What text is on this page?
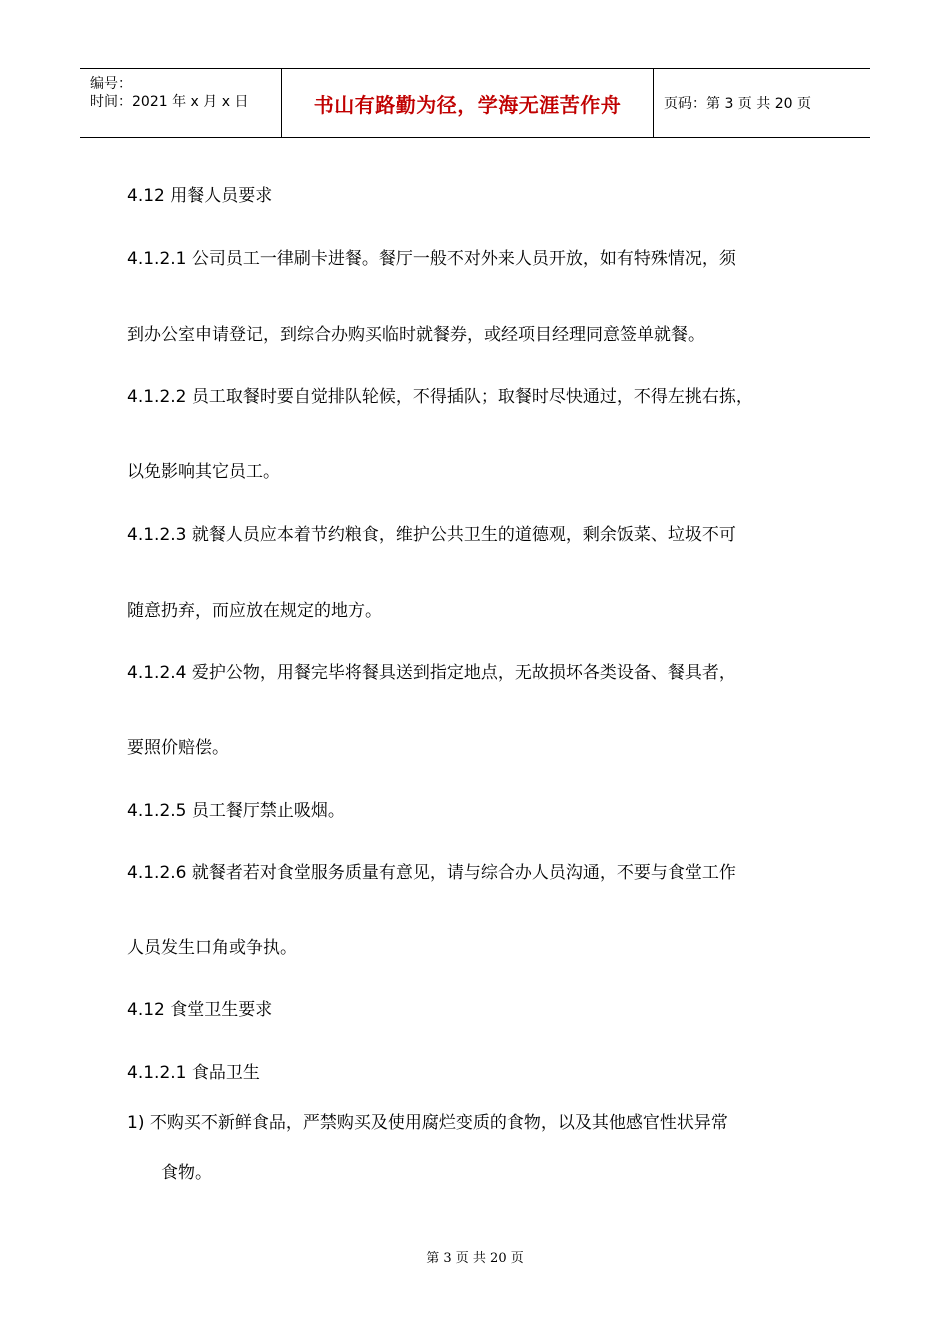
编号：
时间：2021 年 x 月 x 日	书山有路勤为径，学海无涯苦作舟	页码：第 3 页 共 20 页
4.12 用餐人员要求
4.1.2.1 公司员工一律刷卡进餐。餐厅一般不对外来人员开放，如有特殊情况，须
到办公室申请登记，到综合办购买临时就餐券，或经项目经理同意签单就餐。
4.1.2.2 员工取餐时要自觉排队轮候，不得插队；取餐时尽快通过，不得左挑右拣，
以免影响其它员工。
4.1.2.3 就餐人员应本着节约粮食，维护公共卫生的道德观，剩余饭菜、垃圾不可
随意扔弃，而应放在规定的地方。
4.1.2.4 爱护公物，用餐完毕将餐具送到指定地点，无故损坏各类设备、餐具者，
要照价赔偿。
4.1.2.5 员工餐厅禁止吸烟。
4.1.2.6 就餐者若对食堂服务质量有意见，请与综合办人员沟通，不要与食堂工作
人员发生口角或争执。
4.12 食堂卫生要求
4.1.2.1 食品卫生
1) 不购买不新鲜食品，严禁购买及使用腐烂变质的食物，以及其他感官性状异常
食物。
第 3 页 共 20 页
